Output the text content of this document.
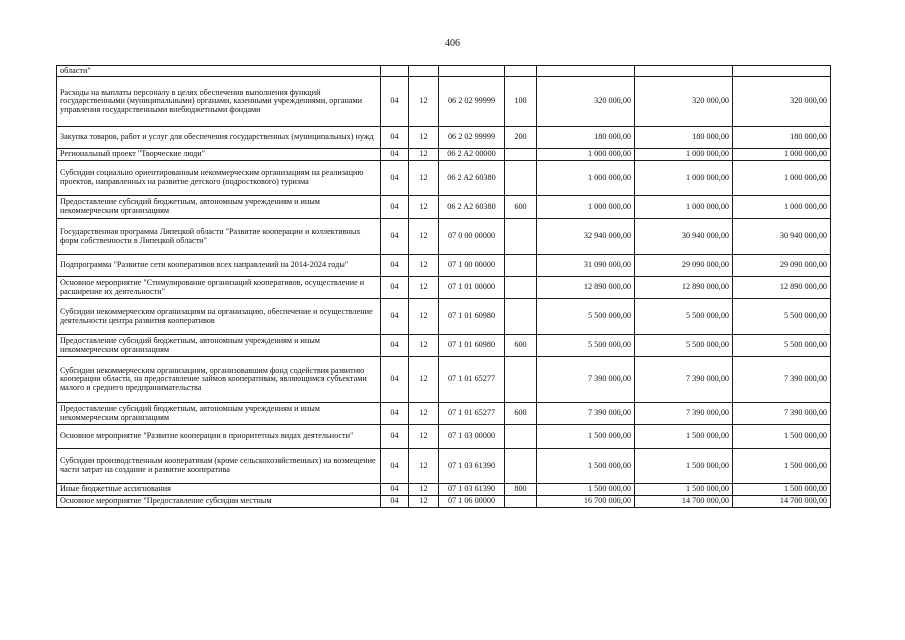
406
области"							
Расходы на выплаты персоналу в целях обеспечения выполнения функций государственными (муниципальными) органами, казенными учреждениями, органами управления государственными внебюджетными фондами	04	12	06 2 02 99999	100	320 000,00	320 000,00	320 000,00
Закупка товаров, работ и услуг для обеспечения государственных (муниципальных) нужд	04	12	06 2 02 99999	200	180 000,00	180 000,00	180 000,00
Региональный проект "Творческие люди"	04	12	06 2 A2 00000		1 000 000,00	1 000 000,00	1 000 000,00
Субсидии социально ориентированным некоммерческим организациям на реализацию проектов, направленных на развитие детского (подросткового) туризма	04	12	06 2 A2 60380		1 000 000,00	1 000 000,00	1 000 000,00
Предоставление субсидий бюджетным, автономным учреждениям и иным некоммерческим организациям	04	12	06 2 A2 60380	600	1 000 000,00	1 000 000,00	1 000 000,00
Государственная программа Липецкой области "Развитие кооперации и коллективных форм собственности в Липецкой области"	04	12	07 0 00 00000		32 940 000,00	30 940 000,00	30 940 000,00
Подпрограмма "Развитие сети кооперативов всех направлений на 2014-2024 годы"	04	12	07 1 00 00000		31 090 000,00	29 090 000,00	29 090 000,00
Основное мероприятие "Стимулирование организаций кооперативов, осуществление и расширение их деятельности"	04	12	07 1 01 00000		12 890 000,00	12 890 000,00	12 890 000,00
Субсидии некоммерческим организациям на организацию, обеспечение и осуществление деятельности центра развития кооперативов	04	12	07 1 01 60980		5 500 000,00	5 500 000,00	5 500 000,00
Предоставление субсидий бюджетным, автономным учреждениям и иным некоммерческим организациям	04	12	07 1 01 60980	600	5 500 000,00	5 500 000,00	5 500 000,00
Субсидии некоммерческим организациям, организовавшим фонд содействия развитию кооперации области, на предоставление займов кооперативам, являющимся субъектами малого и среднего предпринимательства	04	12	07 1 01 65277		7 390 000,00	7 390 000,00	7 390 000,00
Предоставление субсидий бюджетным, автономным учреждениям и иным некоммерческим организациям	04	12	07 1 01 65277	600	7 390 000,00	7 390 000,00	7 390 000,00
Основное мероприятие "Развитие кооперации в приоритетных видах деятельности"	04	12	07 1 03 00000		1 500 000,00	1 500 000,00	1 500 000,00
Субсидии производственным кооперативам (кроме сельскохозяйственных) на возмещение части затрат на создание и развитие кооператива	04	12	07 1 03 61390		1 500 000,00	1 500 000,00	1 500 000,00
Иные бюджетные ассигнования	04	12	07 1 03 61390	800	1 500 000,00	1 500 000,00	1 500 000,00
Основное мероприятие "Предоставление субсидии местным	04	12	07 1 06 00000		16 700 000,00	14 700 000,00	14 700 000,00
